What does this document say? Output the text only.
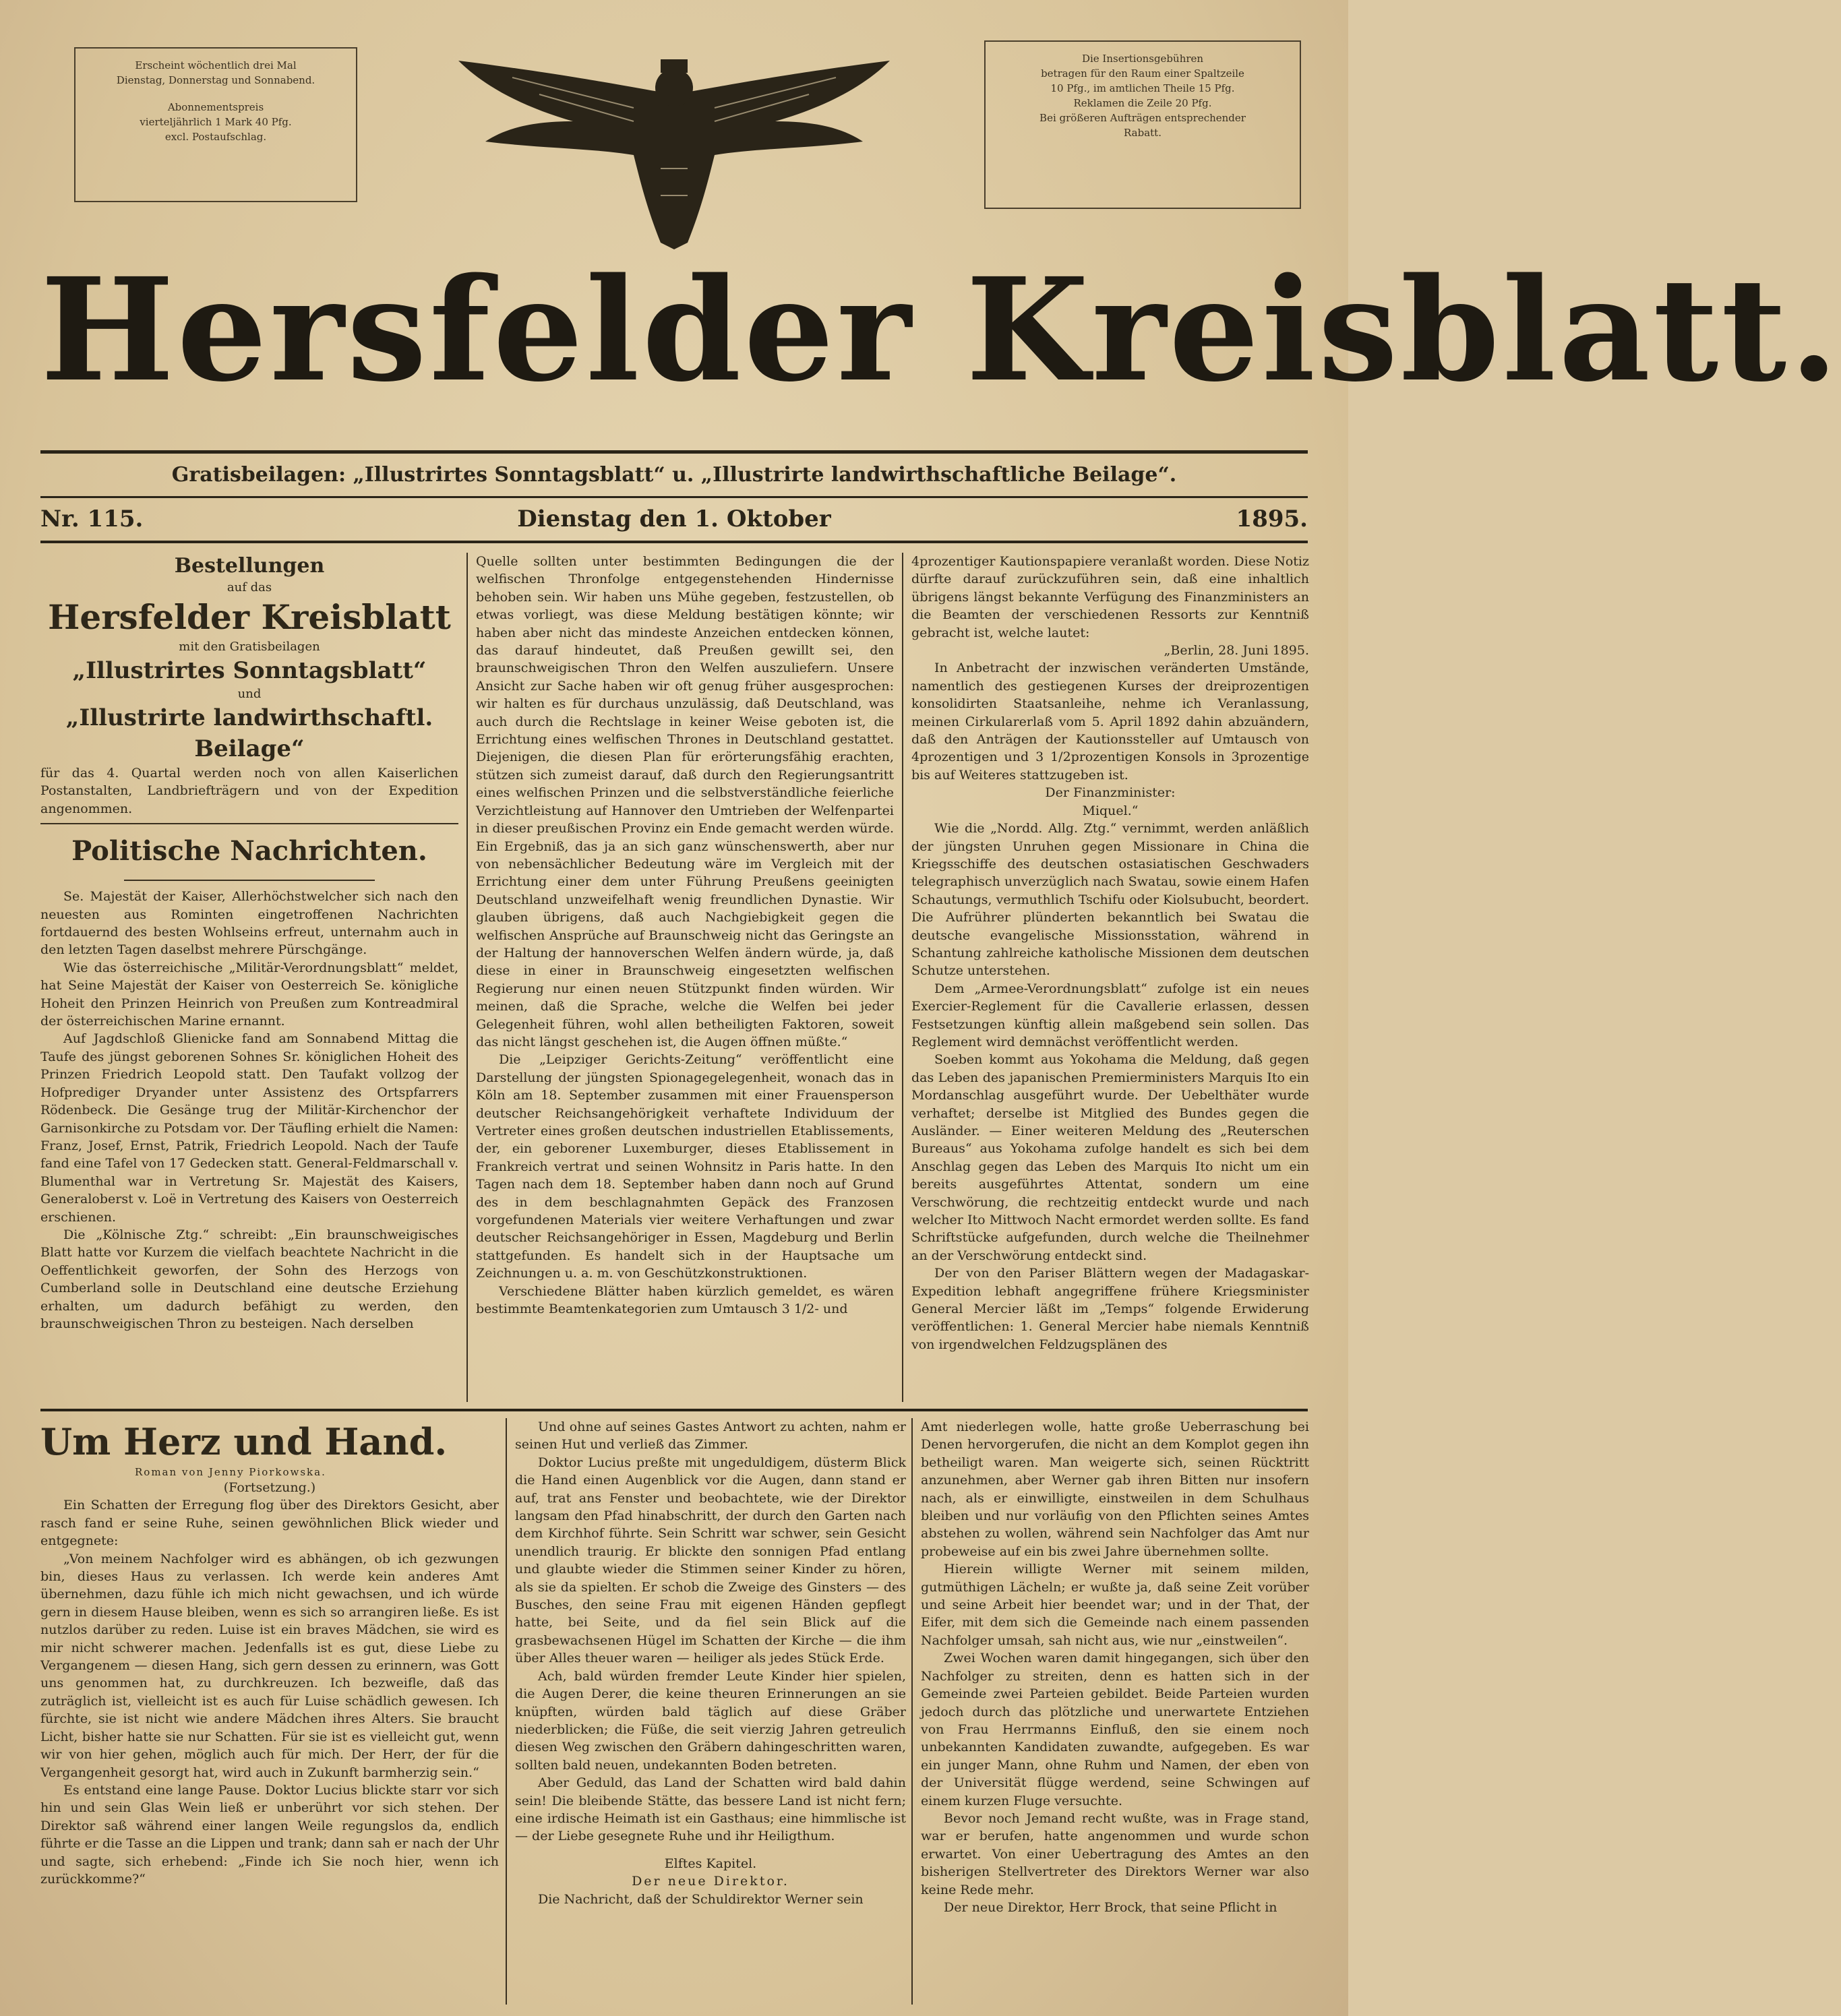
Erscheint wöchentlich drei Mal
Dienstag, Donnerstag und Sonnabend.

Abonnementspreis
vierteljährlich 1 Mark 40 Pfg.
excl. Postaufschlag.

Die Insertionsgebühren
betragen für den Raum einer Spaltzeile
10 Pfg., im amtlichen Theile 15 Pfg.
Reklamen die Zeile 20 Pfg.
Bei größeren Aufträgen entsprechender
Rabatt.
Hersfelder Kreisblatt.
Gratisbeilagen: „Illustrirtes Sonntagsblatt“ u. „Illustrirte landwirthschaftliche Beilage“.
Nr. 115.	Dienstag den 1. Oktober	1895.
Bestellungen
auf das
Hersfelder Kreisblatt
mit den Gratisbeilagen
„Illustrirtes Sonntagsblatt“
und
„Illustrirte landwirthschaftl. Beilage“

für das 4. Quartal werden noch von allen Kaiserlichen Postanstalten, Landbriefträgern und von der Expedition angenommen.

Politische Nachrichten.

Se. Majestät der Kaiser, Allerhöchstwelcher sich nach den neuesten aus Rominten eingetroffenen Nachrichten fortdauernd des besten Wohlseins erfreut, unternahm auch in den letzten Tagen daselbst mehrere Pürschgänge.

Wie das österreichische „Militär-Verordnungsblatt“ meldet, hat Seine Majestät der Kaiser von Oesterreich Se. königliche Hoheit den Prinzen Heinrich von Preußen zum Kontreadmiral der österreichischen Marine ernannt.

Auf Jagdschloß Glienicke fand am Sonnabend Mittag die Taufe des jüngst geborenen Sohnes Sr. königlichen Hoheit des Prinzen Friedrich Leopold statt. Den Taufakt vollzog der Hofprediger Dryander unter Assistenz des Ortspfarrers Rödenbeck. Die Gesänge trug der Militär-Kirchenchor der Garnisonkirche zu Potsdam vor. Der Täufling erhielt die Namen: Franz, Josef, Ernst, Patrik, Friedrich Leopold. Nach der Taufe fand eine Tafel von 17 Gedecken statt. General-Feldmarschall v. Blumenthal war in Vertretung Sr. Majestät des Kaisers, Generaloberst v. Loë in Vertretung des Kaisers von Oesterreich erschienen.

Die „Kölnische Ztg.“ schreibt: „Ein braunschweigisches Blatt hatte vor Kurzem die vielfach beachtete Nachricht in die Oeffentlichkeit geworfen, der Sohn des Herzogs von Cumberland solle in Deutschland eine deutsche Erziehung erhalten, um dadurch befähigt zu werden, den braunschweigischen Thron zu besteigen. Nach derselben

Quelle sollten unter bestimmten Bedingungen die der welfischen Thronfolge entgegenstehenden Hindernisse behoben sein. Wir haben uns Mühe gegeben, festzustellen, ob etwas vorliegt, was diese Meldung bestätigen könnte; wir haben aber nicht das mindeste Anzeichen entdecken können, das darauf hindeutet, daß Preußen gewillt sei, den braunschweigischen Thron den Welfen auszuliefern. Unsere Ansicht zur Sache haben wir oft genug früher ausgesprochen: wir halten es für durchaus unzulässig, daß Deutschland, was auch durch die Rechtslage in keiner Weise geboten ist, die Errichtung eines welfischen Thrones in Deutschland gestattet. Diejenigen, die diesen Plan für erörterungsfähig erachten, stützen sich zumeist darauf, daß durch den Regierungsantritt eines welfischen Prinzen und die selbstverständliche feierliche Verzichtleistung auf Hannover den Umtrieben der Welfenpartei in dieser preußischen Provinz ein Ende gemacht werden würde. Ein Ergebniß, das ja an sich ganz wünschenswerth, aber nur von nebensächlicher Bedeutung wäre im Vergleich mit der Errichtung einer dem unter Führung Preußens geeinigten Deutschland unzweifelhaft wenig freundlichen Dynastie. Wir glauben übrigens, daß auch Nachgiebigkeit gegen die welfischen Ansprüche auf Braunschweig nicht das Geringste an der Haltung der hannoverschen Welfen ändern würde, ja, daß diese in einer in Braunschweig eingesetzten welfischen Regierung nur einen neuen Stützpunkt finden würden. Wir meinen, daß die Sprache, welche die Welfen bei jeder Gelegenheit führen, wohl allen betheiligten Faktoren, soweit das nicht längst geschehen ist, die Augen öffnen müßte.“

Die „Leipziger Gerichts-Zeitung“ veröffentlicht eine Darstellung der jüngsten Spionagegelegenheit, wonach das in Köln am 18. September zusammen mit einer Frauensperson deutscher Reichsangehörigkeit verhaftete Individuum der Vertreter eines großen deutschen industriellen Etablissements, der, ein geborener Luxemburger, dieses Etablissement in Frankreich vertrat und seinen Wohnsitz in Paris hatte. In den Tagen nach dem 18. September haben dann noch auf Grund des in dem beschlagnahmten Gepäck des Franzosen vorgefundenen Materials vier weitere Verhaftungen und zwar deutscher Reichsangehöriger in Essen, Magdeburg und Berlin stattgefunden. Es handelt sich in der Hauptsache um Zeichnungen u. a. m. von Geschützkonstruktionen.

Verschiedene Blätter haben kürzlich gemeldet, es wären bestimmte Beamtenkategorien zum Umtausch 3 1/2- und

4prozentiger Kautionspapiere veranlaßt worden. Diese Notiz dürfte darauf zurückzuführen sein, daß eine inhaltlich übrigens längst bekannte Verfügung des Finanzministers an die Beamten der verschiedenen Ressorts zur Kenntniß gebracht ist, welche lautet:

„Berlin, 28. Juni 1895.

In Anbetracht der inzwischen veränderten Umstände, namentlich des gestiegenen Kurses der dreiprozentigen konsolidirten Staatsanleihe, nehme ich Veranlassung, meinen Cirkularerlaß vom 5. April 1892 dahin abzuändern, daß den Anträgen der Kautionssteller auf Umtausch von 4prozentigen und 3 1/2prozentigen Konsols in 3prozentige bis auf Weiteres stattzugeben ist.

Der Finanzminister:

Miquel.“

Wie die „Nordd. Allg. Ztg.“ vernimmt, werden anläßlich der jüngsten Unruhen gegen Missionare in China die Kriegsschiffe des deutschen ostasiatischen Geschwaders telegraphisch unverzüglich nach Swatau, sowie einem Hafen Schautungs, vermuthlich Tschifu oder Kiolsubucht, beordert. Die Aufrührer plünderten bekanntlich bei Swatau die deutsche evangelische Missionsstation, während in Schantung zahlreiche katholische Missionen dem deutschen Schutze unterstehen.

Dem „Armee-Verordnungsblatt“ zufolge ist ein neues Exercier-Reglement für die Cavallerie erlassen, dessen Festsetzungen künftig allein maßgebend sein sollen. Das Reglement wird demnächst veröffentlicht werden.

Soeben kommt aus Yokohama die Meldung, daß gegen das Leben des japanischen Premierministers Marquis Ito ein Mordanschlag ausgeführt wurde. Der Uebelthäter wurde verhaftet; derselbe ist Mitglied des Bundes gegen die Ausländer. — Einer weiteren Meldung des „Reuterschen Bureaus“ aus Yokohama zufolge handelt es sich bei dem Anschlag gegen das Leben des Marquis Ito nicht um ein bereits ausgeführtes Attentat, sondern um eine Verschwörung, die rechtzeitig entdeckt wurde und nach welcher Ito Mittwoch Nacht ermordet werden sollte. Es fand Schriftstücke aufgefunden, durch welche die Theilnehmer an der Verschwörung entdeckt sind.

Der von den Pariser Blättern wegen der Madagaskar-Expedition lebhaft angegriffene frühere Kriegsminister General Mercier läßt im „Temps“ folgende Erwiderung veröffentlichen: 1. General Mercier habe niemals Kenntniß von irgendwelchen Feldzugsplänen des

Um Herz und Hand.
Roman von Jenny Piorkowska.

(Fortsetzung.)

Ein Schatten der Erregung flog über des Direktors Gesicht, aber rasch fand er seine Ruhe, seinen gewöhnlichen Blick wieder und entgegnete:

„Von meinem Nachfolger wird es abhängen, ob ich gezwungen bin, dieses Haus zu verlassen. Ich werde kein anderes Amt übernehmen, dazu fühle ich mich nicht gewachsen, und ich würde gern in diesem Hause bleiben, wenn es sich so arrangiren ließe. Es ist nutzlos darüber zu reden. Luise ist ein braves Mädchen, sie wird es mir nicht schwerer machen. Jedenfalls ist es gut, diese Liebe zu Vergangenem — diesen Hang, sich gern dessen zu erinnern, was Gott uns genommen hat, zu durchkreuzen. Ich bezweifle, daß das zuträglich ist, vielleicht ist es auch für Luise schädlich gewesen. Ich fürchte, sie ist nicht wie andere Mädchen ihres Alters. Sie braucht Licht, bisher hatte sie nur Schatten. Für sie ist es vielleicht gut, wenn wir von hier gehen, möglich auch für mich. Der Herr, der für die Vergangenheit gesorgt hat, wird auch in Zukunft barmherzig sein.“

Es entstand eine lange Pause. Doktor Lucius blickte starr vor sich hin und sein Glas Wein ließ er unberührt vor sich stehen. Der Direktor saß während einer langen Weile regungslos da, endlich führte er die Tasse an die Lippen und trank; dann sah er nach der Uhr und sagte, sich erhebend: „Finde ich Sie noch hier, wenn ich zurückkomme?“

Und ohne auf seines Gastes Antwort zu achten, nahm er seinen Hut und verließ das Zimmer.

Doktor Lucius preßte mit ungeduldigem, düsterm Blick die Hand einen Augenblick vor die Augen, dann stand er auf, trat ans Fenster und beobachtete, wie der Direktor langsam den Pfad hinabschritt, der durch den Garten nach dem Kirchhof führte. Sein Schritt war schwer, sein Gesicht unendlich traurig. Er blickte den sonnigen Pfad entlang und glaubte wieder die Stimmen seiner Kinder zu hören, als sie da spielten. Er schob die Zweige des Ginsters — des Busches, den seine Frau mit eigenen Händen gepflegt hatte, bei Seite, und da fiel sein Blick auf die grasbewachsenen Hügel im Schatten der Kirche — die ihm über Alles theuer waren — heiliger als jedes Stück Erde.

Ach, bald würden fremder Leute Kinder hier spielen, die Augen Derer, die keine theuren Erinnerungen an sie knüpften, würden bald täglich auf diese Gräber niederblicken; die Füße, die seit vierzig Jahren getreulich diesen Weg zwischen den Gräbern dahingeschritten waren, sollten bald neuen, undekannten Boden betreten.

Aber Geduld, das Land der Schatten wird bald dahin sein! Die bleibende Stätte, das bessere Land ist nicht fern; eine irdische Heimath ist ein Gasthaus; eine himmlische ist — der Liebe gesegnete Ruhe und ihr Heiligthum.

Elftes Kapitel.

Der neue Direktor.

Die Nachricht, daß der Schuldirektor Werner sein

Amt niederlegen wolle, hatte große Ueberraschung bei Denen hervorgerufen, die nicht an dem Komplot gegen ihn betheiligt waren. Man weigerte sich, seinen Rücktritt anzunehmen, aber Werner gab ihren Bitten nur insofern nach, als er einwilligte, einstweilen in dem Schulhaus bleiben und nur vorläufig von den Pflichten seines Amtes abstehen zu wollen, während sein Nachfolger das Amt nur probeweise auf ein bis zwei Jahre übernehmen sollte.

Hierein willigte Werner mit seinem milden, gutmüthigen Lächeln; er wußte ja, daß seine Zeit vorüber und seine Arbeit hier beendet war; und in der That, der Eifer, mit dem sich die Gemeinde nach einem passenden Nachfolger umsah, sah nicht aus, wie nur „einstweilen“.

Zwei Wochen waren damit hingegangen, sich über den Nachfolger zu streiten, denn es hatten sich in der Gemeinde zwei Parteien gebildet. Beide Parteien wurden jedoch durch das plötzliche und unerwartete Entziehen von Frau Herrmanns Einfluß, den sie einem noch unbekannten Kandidaten zuwandte, aufgegeben. Es war ein junger Mann, ohne Ruhm und Namen, der eben von der Universität flügge werdend, seine Schwingen auf einem kurzen Fluge versuchte.

Bevor noch Jemand recht wußte, was in Frage stand, war er berufen, hatte angenommen und wurde schon erwartet. Von einer Uebertragung des Amtes an den bisherigen Stellvertreter des Direktors Werner war also keine Rede mehr.

Der neue Direktor, Herr Brock, that seine Pflicht in
